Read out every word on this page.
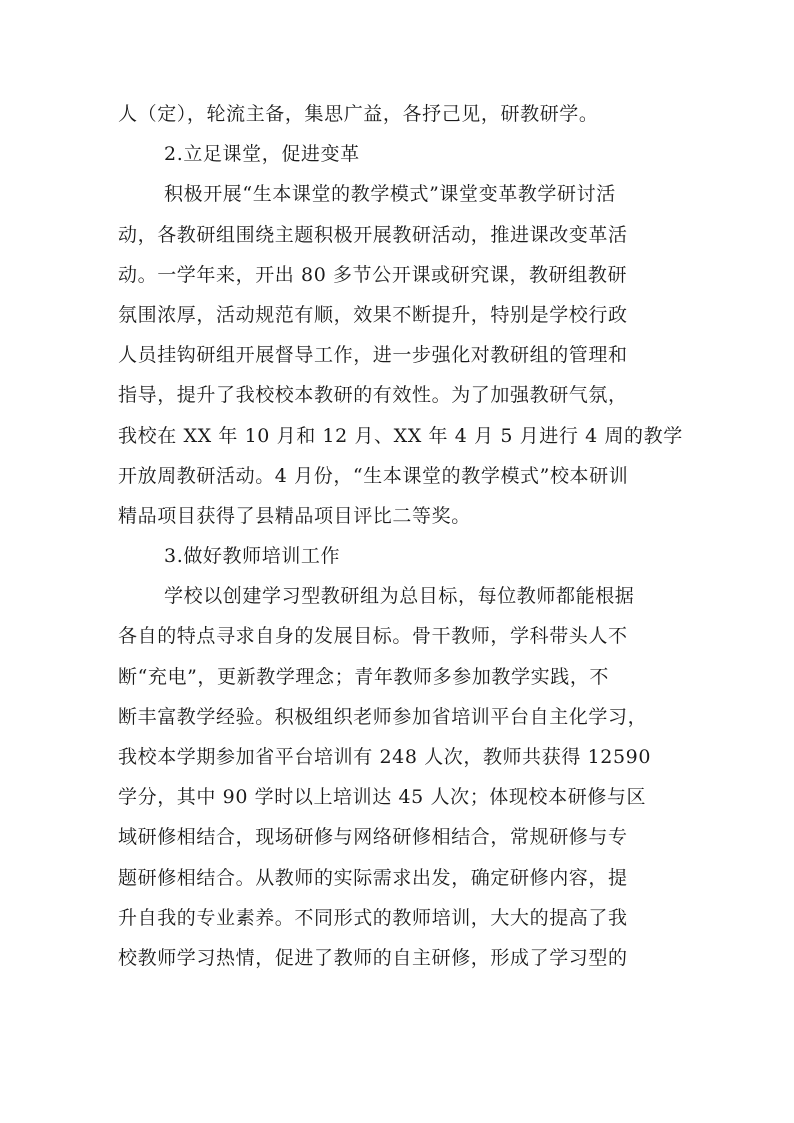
人（定），轮流主备，集思广益，各抒己见，研教研学。
2.立足课堂，促进变革
积极开展“生本课堂的教学模式”课堂变革教学研讨活
动，各教研组围绕主题积极开展教研活动，推进课改变革活
动。一学年来，开出 80 多节公开课或研究课，教研组教研
氛围浓厚，活动规范有顺，效果不断提升，特别是学校行政
人员挂钩研组开展督导工作，进一步强化对教研组的管理和
指导，提升了我校校本教研的有效性。为了加强教研气氛，
我校在 XX 年 10 月和 12 月、XX 年 4 月 5 月进行 4 周的教学
开放周教研活动。4 月份，“生本课堂的教学模式”校本研训
精品项目获得了县精品项目评比二等奖。
3.做好教师培训工作
学校以创建学习型教研组为总目标，每位教师都能根据
各自的特点寻求自身的发展目标。骨干教师，学科带头人不
断“充电”，更新教学理念；青年教师多参加教学实践，不
断丰富教学经验。积极组织老师参加省培训平台自主化学习，
我校本学期参加省平台培训有 248 人次，教师共获得 12590
学分，其中 90 学时以上培训达 45 人次；体现校本研修与区
域研修相结合，现场研修与网络研修相结合，常规研修与专
题研修相结合。从教师的实际需求出发，确定研修内容，提
升自我的专业素养。不同形式的教师培训，大大的提高了我
校教师学习热情，促进了教师的自主研修，形成了学习型的
